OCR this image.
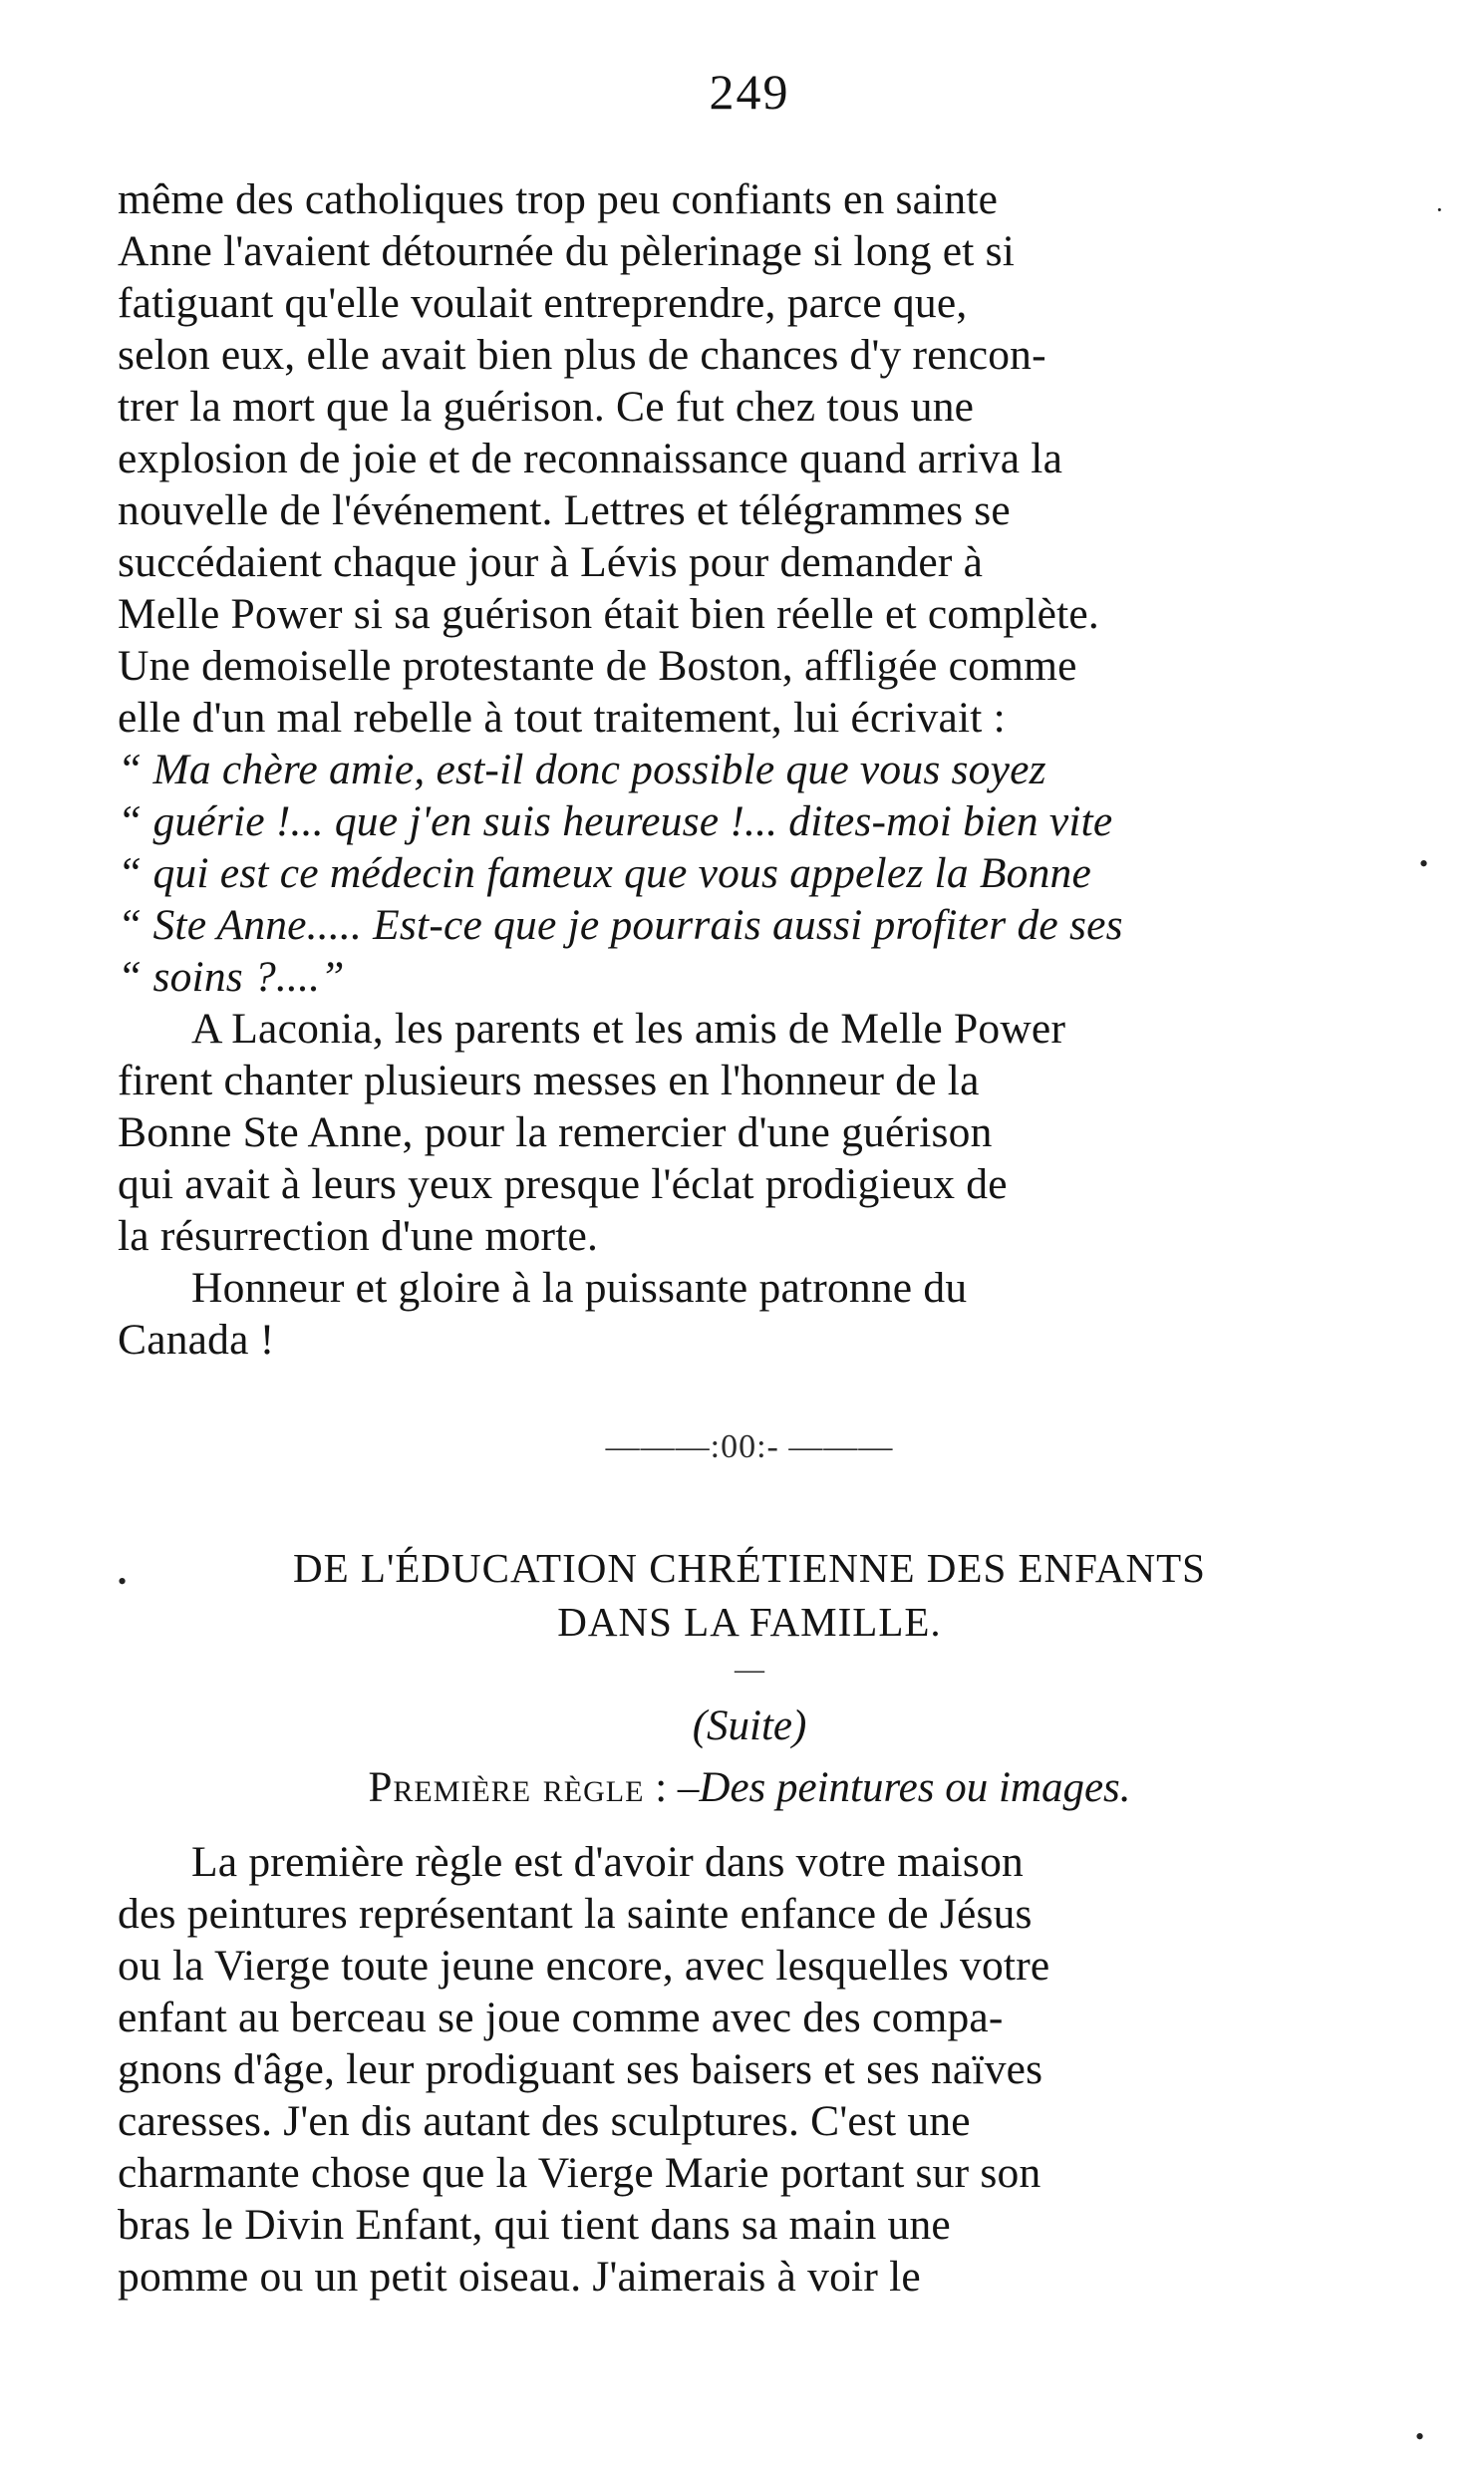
249

même des catholiques trop peu confiants en sainte
Anne l'avaient détournée du pèlerinage si long et si
fatiguant qu'elle voulait entreprendre, parce que,
selon eux, elle avait bien plus de chances d'y rencon-
trer la mort que la guérison. Ce fut chez tous une
explosion de joie et de reconnaissance quand arriva la
nouvelle de l'événement. Lettres et télégrammes se
succédaient chaque jour à Lévis pour demander à
Melle Power si sa guérison était bien réelle et complète.
Une demoiselle protestante de Boston, affligée comme
elle d'un mal rebelle à tout traitement, lui écrivait :

“ Ma chère amie, est-il donc possible que vous soyez
“ guérie !... que j'en suis heureuse !... dites-moi bien vite
“ qui est ce médecin fameux que vous appelez la Bonne
“ Ste Anne..... Est-ce que je pourrais aussi profiter de ses
“ soins ?....”

A Laconia, les parents et les amis de Melle Power
firent chanter plusieurs messes en l'honneur de la
Bonne Ste Anne, pour la remercier d'une guérison
qui avait à leurs yeux presque l'éclat prodigieux de
la résurrection d'une morte.

Honneur et gloire à la puissante patronne du
Canada !

———:00:- ———
DE L'ÉDUCATION CHRÉTIENNE DES ENFANTS
DANS LA FAMILLE.
—
(Suite)
Première règle : –Des peintures ou images.

La première règle est d'avoir dans votre maison
des peintures représentant la sainte enfance de Jésus
ou la Vierge toute jeune encore, avec lesquelles votre
enfant au berceau se joue comme avec des compa-
gnons d'âge, leur prodiguant ses baisers et ses naïves
caresses. J'en dis autant des sculptures. C'est une
charmante chose que la Vierge Marie portant sur son
bras le Divin Enfant, qui tient dans sa main une
pomme ou un petit oiseau. J'aimerais à voir le

·
•
•
•
